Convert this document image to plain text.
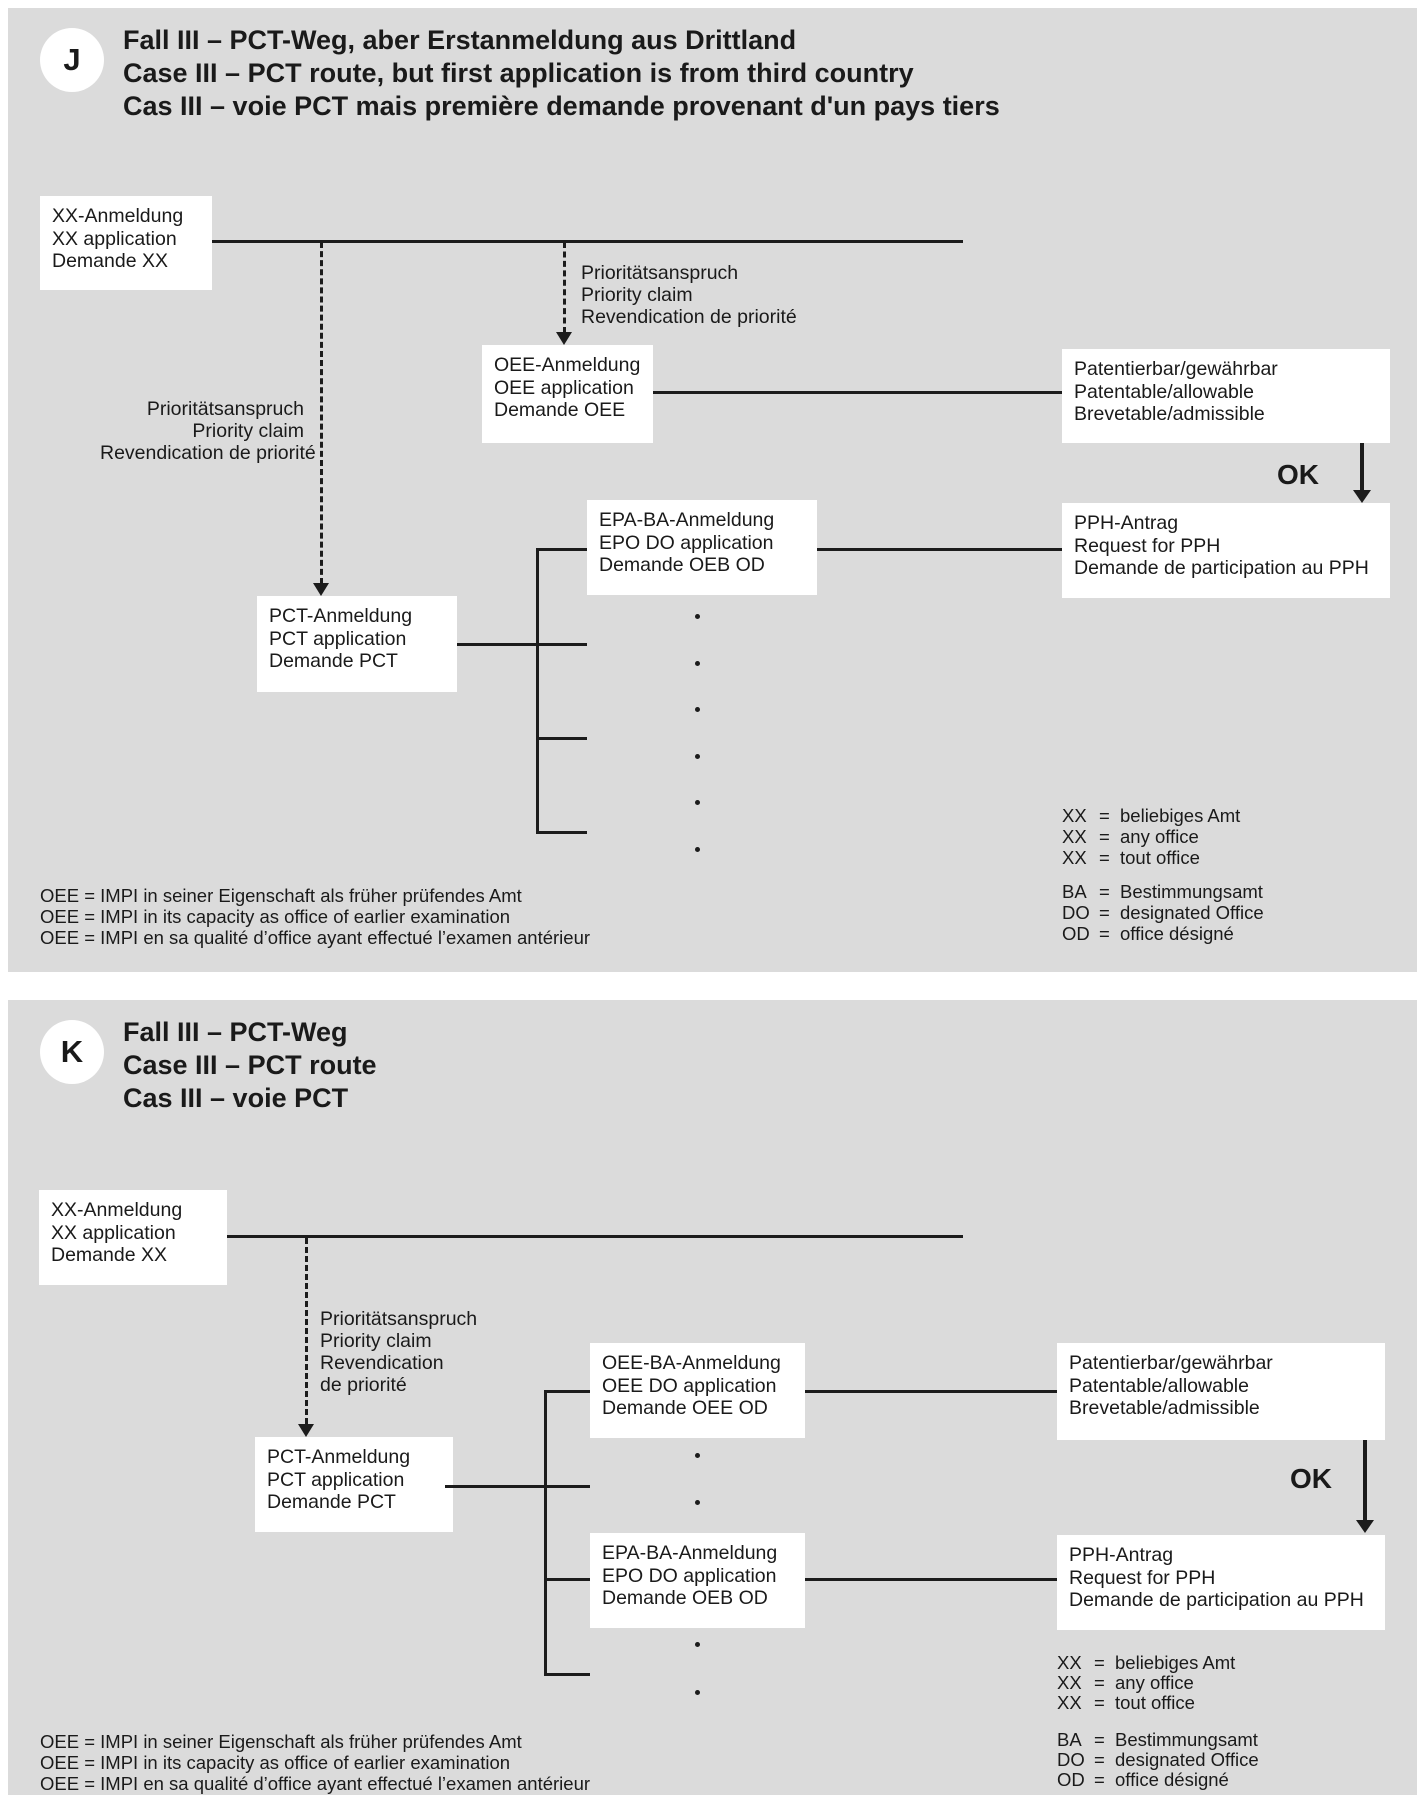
J
Fall III – PCT-Weg, aber Erstanmeldung aus Drittland
Case III – PCT route, but first application is from third country
Cas III – voie PCT mais première demande provenant d'un pays tiers
XX-Anmeldung
XX application
Demande XX
Prioritätsanspruch
Priority claim
Revendication de priorité
Prioritätsanspruch
Priority claim
Revendication de priorité
OEE-Anmeldung
OEE application
Demande OEE
Patentierbar/gewährbar
Patentable/allowable
Brevetable/admissible
OK
PPH-Antrag
Request for PPH
Demande de participation au PPH
EPA-BA-Anmeldung
EPO DO application
Demande OEB OD
PCT-Anmeldung
PCT application
Demande PCT
OEE = IMPI in seiner Eigenschaft als früher prüfendes Amt
OEE = IMPI in its capacity as office of earlier examination
OEE = IMPI en sa qualité d’office ayant effectué l’examen antérieur
XX = beliebiges Amt
XX = any office
XX = tout office
BA = Bestimmungsamt
DO = designated Office
OD = office désigné
K
Fall III – PCT-Weg
Case III – PCT route
Cas III – voie PCT
XX-Anmeldung
XX application
Demande XX
Prioritätsanspruch
Priority claim
Revendication
de priorité
PCT-Anmeldung
PCT application
Demande PCT
OEE-BA-Anmeldung
OEE DO application
Demande OEE OD
EPA-BA-Anmeldung
EPO DO application
Demande OEB OD
Patentierbar/gewährbar
Patentable/allowable
Brevetable/admissible
OK
PPH-Antrag
Request for PPH
Demande de participation au PPH
XX = beliebiges Amt
XX = any office
XX = tout office
BA = Bestimmungsamt
DO = designated Office
OD = office désigné
OEE = IMPI in seiner Eigenschaft als früher prüfendes Amt
OEE = IMPI in its capacity as office of earlier examination
OEE = IMPI en sa qualité d’office ayant effectué l’examen antérieur
